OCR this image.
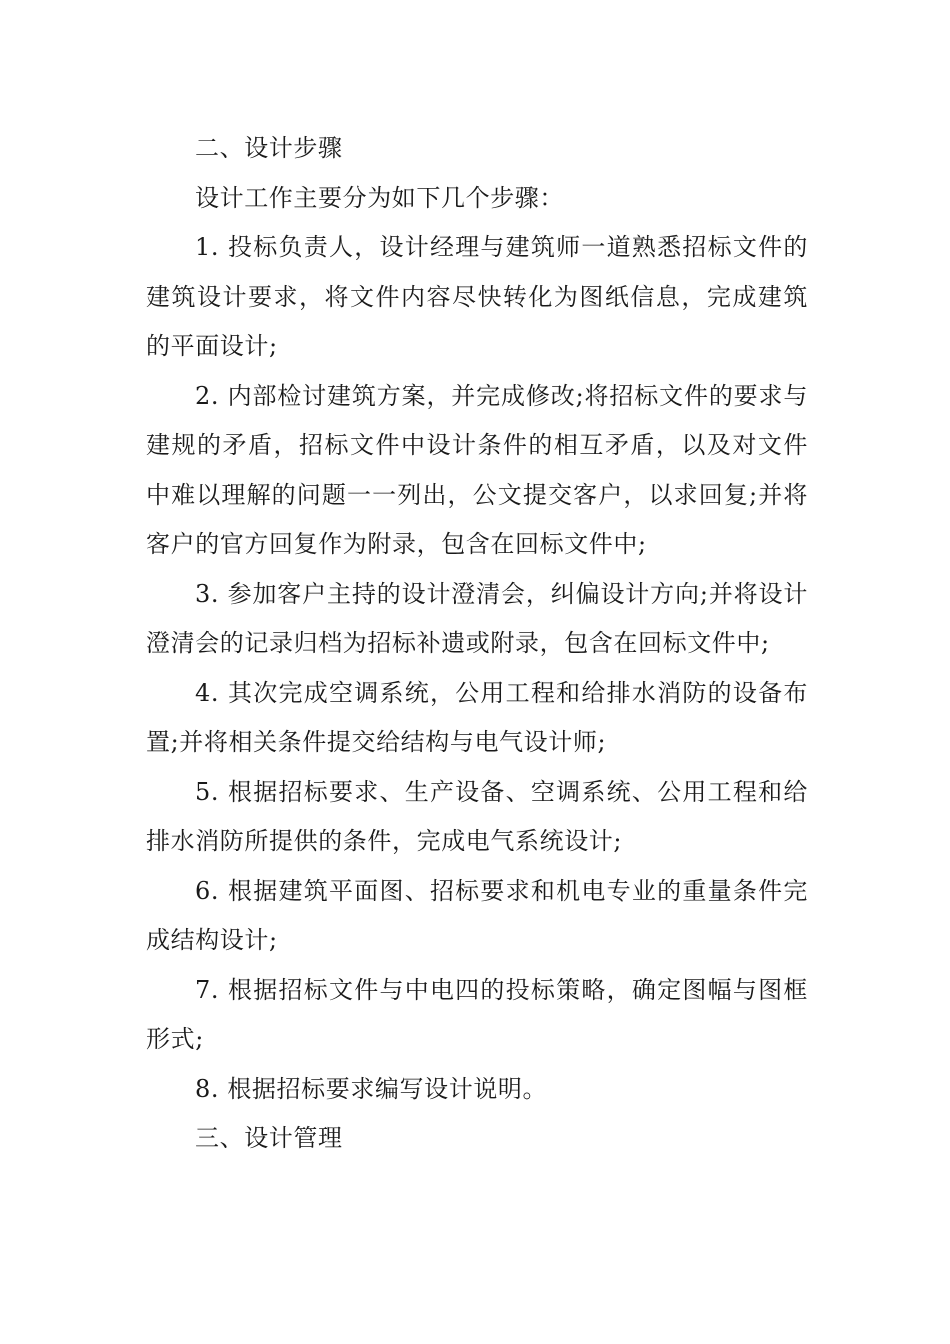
二、设计步骤

设计工作主要分为如下几个步骤：

1. 投标负责人，设计经理与建筑师一道熟悉招标文件的建筑设计要求，将文件内容尽快转化为图纸信息，完成建筑的平面设计;

2. 内部检讨建筑方案，并完成修改;将招标文件的要求与建规的矛盾，招标文件中设计条件的相互矛盾，以及对文件中难以理解的问题一一列出，公文提交客户，以求回复;并将客户的官方回复作为附录，包含在回标文件中;

3. 参加客户主持的设计澄清会，纠偏设计方向;并将设计澄清会的记录归档为招标补遗或附录，包含在回标文件中;

4. 其次完成空调系统，公用工程和给排水消防的设备布置;并将相关条件提交给结构与电气设计师;

5. 根据招标要求、生产设备、空调系统、公用工程和给排水消防所提供的条件，完成电气系统设计;

6. 根据建筑平面图、招标要求和机电专业的重量条件完成结构设计;

7. 根据招标文件与中电四的投标策略，确定图幅与图框形式;

8. 根据招标要求编写设计说明。

三、设计管理
